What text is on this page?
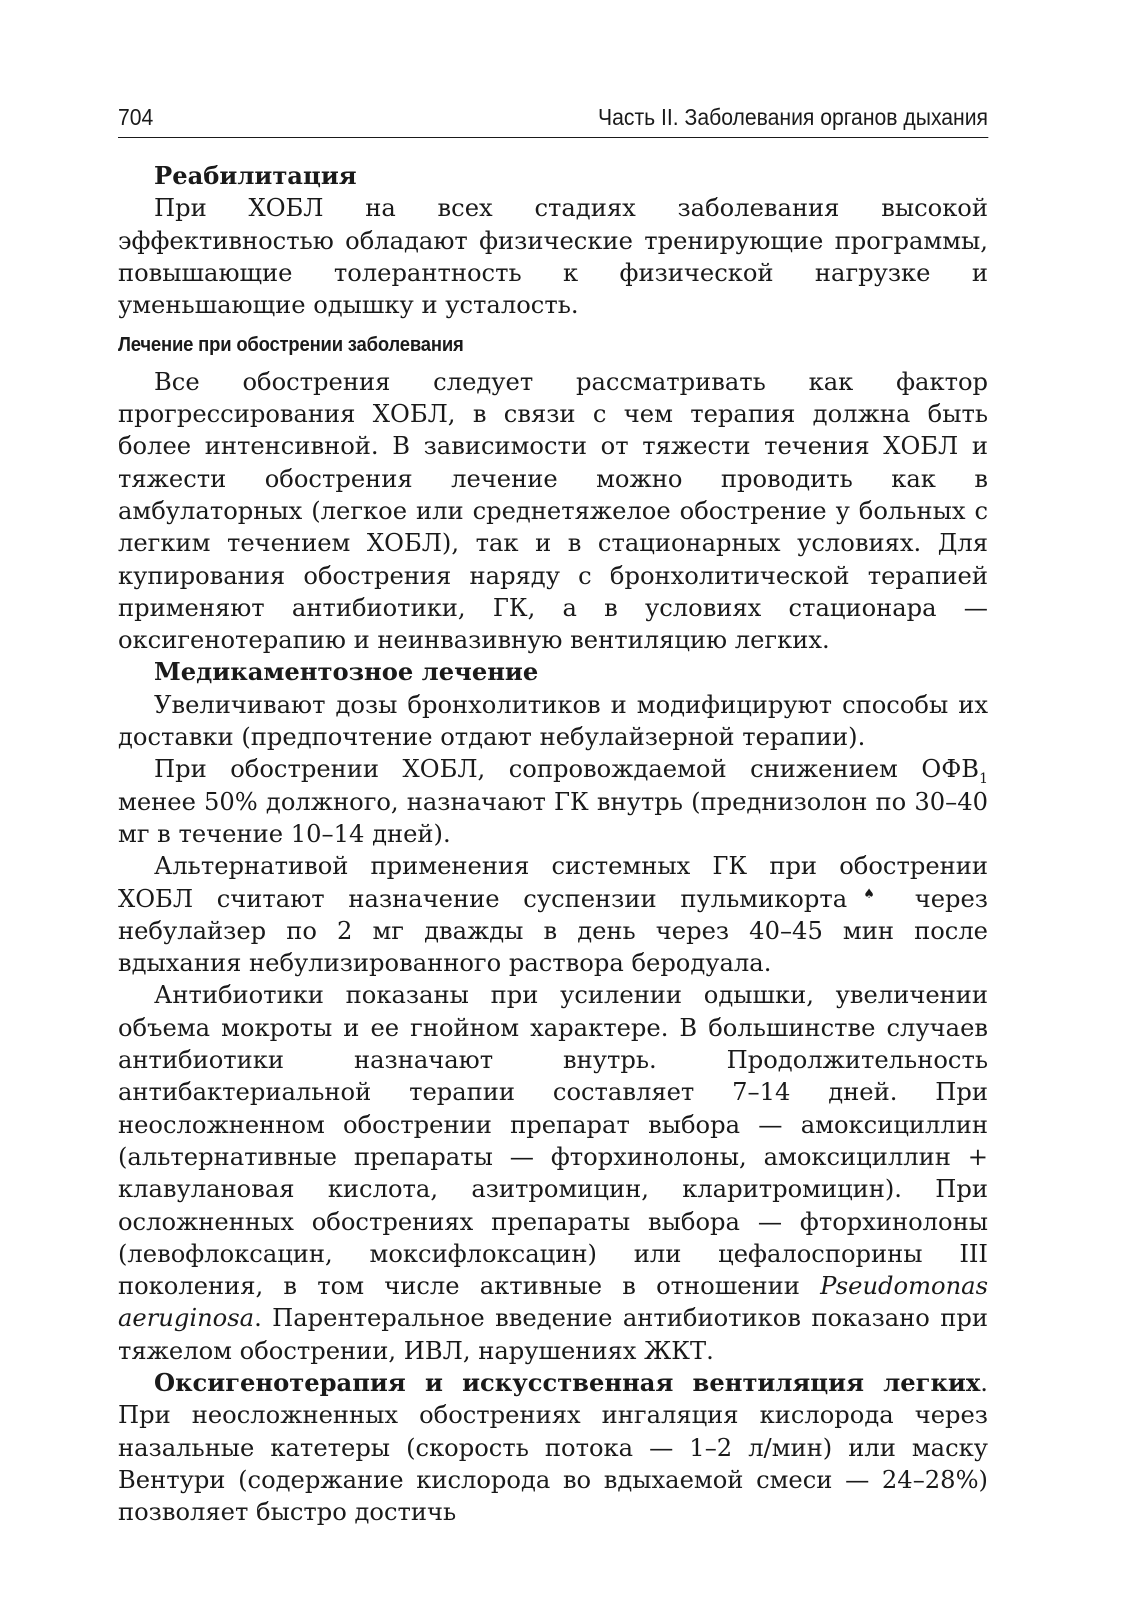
704	Часть II. Заболевания органов дыхания
Реабилитация

При ХОБЛ на всех стадиях заболевания высокой эффективностью обладают физические тренирующие программы, повышающие толерантность к физической нагрузке и уменьшающие одышку и усталость.

Лечение при обострении заболевания

Все обострения следует рассматривать как фактор прогрессирования ХОБЛ, в связи с чем терапия должна быть более интенсивной. В зависимости от тяжести течения ХОБЛ и тяжести обострения лечение можно проводить как в амбулаторных (легкое или среднетяжелое обострение у больных с легким течением ХОБЛ), так и в стационарных условиях. Для купирования обострения наряду с бронхолитической терапией применяют антибиотики, ГК, а в условиях стационара — оксигенотерапию и неинвазивную вентиляцию легких.

Медикаментозное лечение

Увеличивают дозы бронхолитиков и модифицируют способы их доставки (предпочтение отдают небулайзерной терапии).

При обострении ХОБЛ, сопровождаемой снижением $ОФВ_1$ менее 50% должного, назначают ГК внутрь (преднизолон по 30–40 мг в течение 10–14 дней).

Альтернативой применения системных ГК при обострении ХОБЛ считают назначение суспензии пульмикорта♠ через небулайзер по 2 мг дважды в день через 40–45 мин после вдыхания небулизированного раствора беродуала.

Антибиотики показаны при усилении одышки, увеличении объема мокроты и ее гнойном характере. В большинстве случаев антибиотики назначают внутрь. Продолжительность антибактериальной терапии составляет 7–14 дней. При неосложненном обострении препарат выбора — амоксициллин (альтернативные препараты — фторхинолоны, амоксициллин + клавулановая кислота, азитромицин, кларитромицин). При осложненных обострениях препараты выбора — фторхинолоны (левофлоксацин, моксифлоксацин) или цефалоспорины III поколения, в том числе активные в отношении Pseudomonas aeruginosa. Парентеральное введение антибиотиков показано при тяжелом обострении, ИВЛ, нарушениях ЖКТ.

Оксигенотерапия и искусственная вентиляция легких. При неосложненных обострениях ингаляция кислорода через назальные катетеры (скорость потока — 1–2 л/мин) или маску Вентури (содержание кислорода во вдыхаемой смеси — 24–28%) позволяет быстро достичь
